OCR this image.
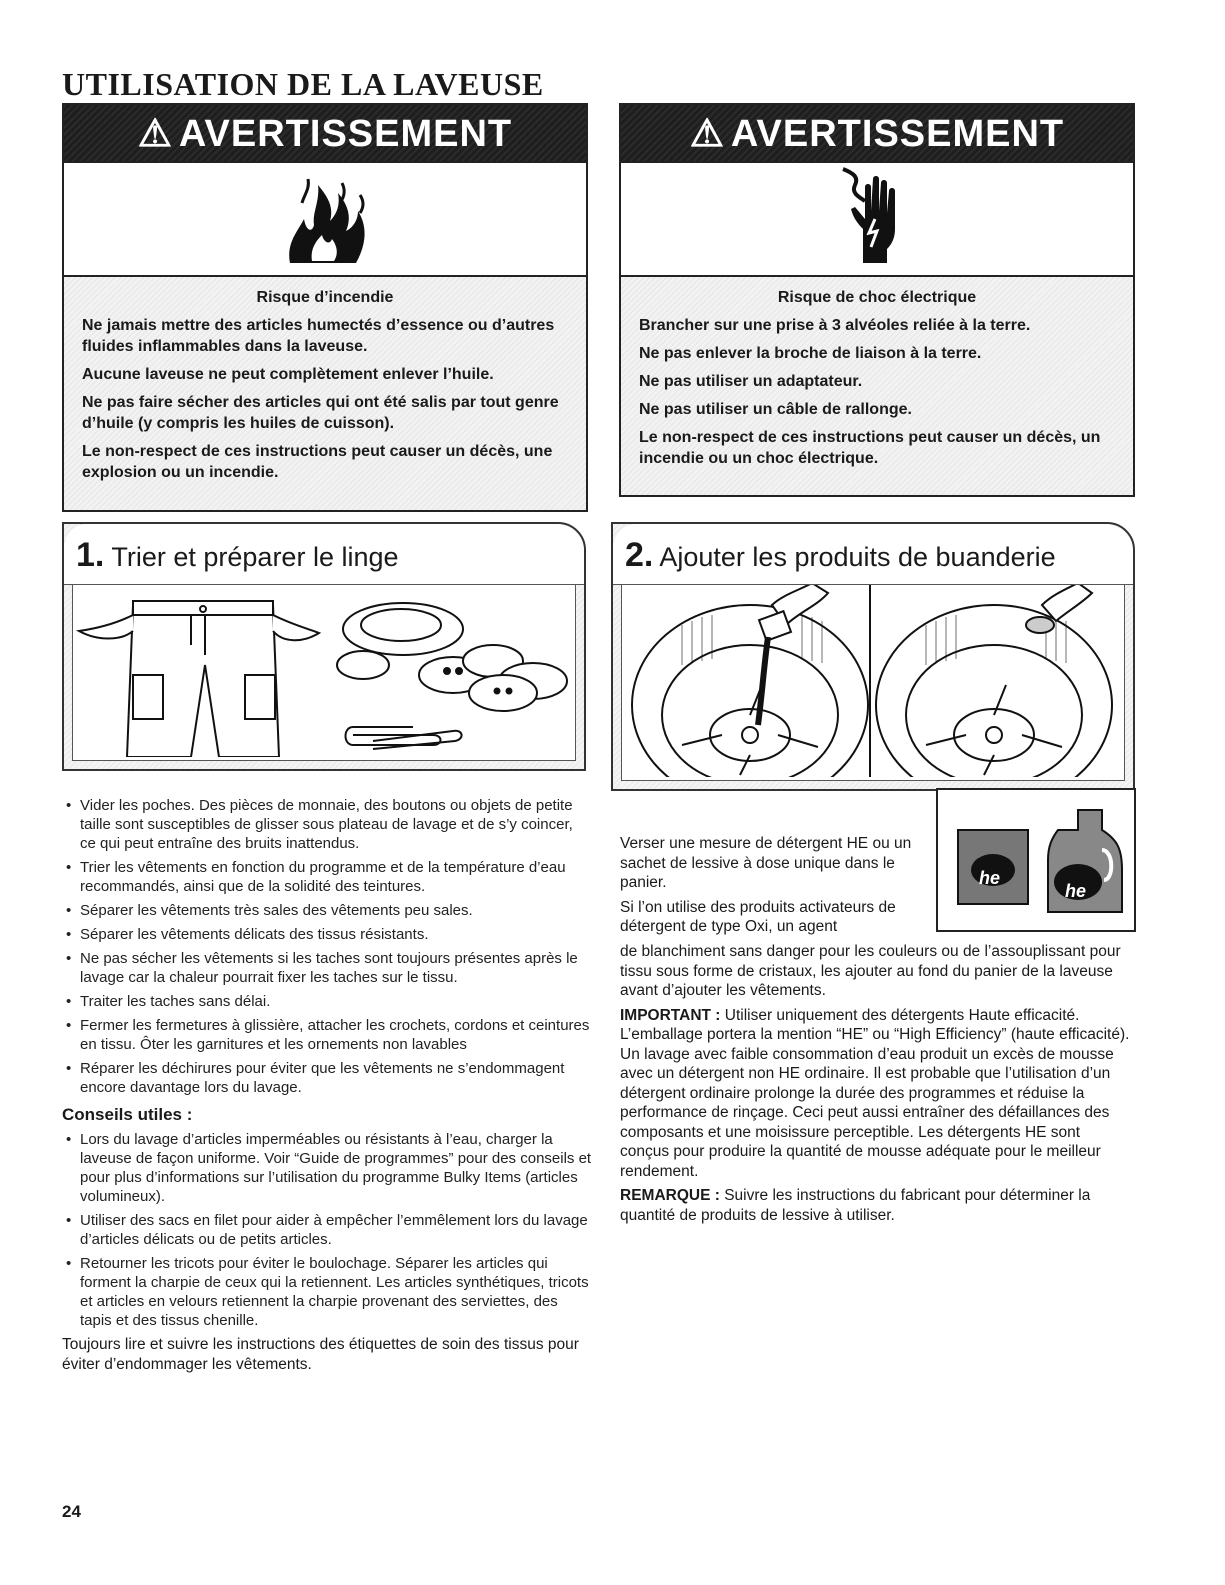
UTILISATION DE LA LAVEUSE
⚠ AVERTISSEMENT
Risque d’incendie

Ne jamais mettre des articles humectés d’essence ou d’autres fluides inflammables dans la laveuse.

Aucune laveuse ne peut complètement enlever l’huile.

Ne pas faire sécher des articles qui ont été salis par tout genre d’huile (y compris les huiles de cuisson).

Le non-respect de ces instructions peut causer un décès, une explosion ou un incendie.

⚠ AVERTISSEMENT
Risque de choc électrique

Brancher sur une prise à 3 alvéoles reliée à la terre.

Ne pas enlever la broche de liaison à la terre.

Ne pas utiliser un adaptateur.

Ne pas utiliser un câble de rallonge.

Le non-respect de ces instructions peut causer un décès, un incendie ou un choc électrique.

1. Trier et préparer le linge
• Vider les poches. Des pièces de monnaie, des boutons ou objets de petite taille sont susceptibles de glisser sous plateau de lavage et de s’y coincer, ce qui peut entraîne des bruits inattendus.
• Trier les vêtements en fonction du programme et de la température d’eau recommandés, ainsi que de la solidité des teintures.
• Séparer les vêtements très sales des vêtements peu sales.
• Séparer les vêtements délicats des tissus résistants.
• Ne pas sécher les vêtements si les taches sont toujours présentes après le lavage car la chaleur pourrait fixer les taches sur le tissu.
• Traiter les taches sans délai.
• Fermer les fermetures à glissière, attacher les crochets, cordons et ceintures en tissu. Ôter les garnitures et les ornements non lavables
• Réparer les déchirures pour éviter que les vêtements ne s’endommagent encore davantage lors du lavage.
Conseils utiles :
• Lors du lavage d’articles imperméables ou résistants à l’eau, charger la laveuse de façon uniforme. Voir “Guide de programmes” pour des conseils et pour plus d’informations sur l’utilisation du programme Bulky Items (articles volumineux).
• Utiliser des sacs en filet pour aider à empêcher l’emmêlement lors du lavage d’articles délicats ou de petits articles.
• Retourner les tricots pour éviter le boulochage. Séparer les articles qui forment la charpie de ceux qui la retiennent. Les articles synthétiques, tricots et articles en velours retiennent la charpie provenant des serviettes, des tapis et des tissus chenille.

Toujours lire et suivre les instructions des étiquettes de soin des tissus pour éviter d’endommager les vêtements.

2. Ajouter les produits de buanderie
he
he

Verser une mesure de détergent HE ou un sachet de lessive à dose unique dans le panier.

Si l’on utilise des produits activateurs de détergent de type Oxi, un agent

de blanchiment sans danger pour les couleurs ou de l’assouplissant pour tissu sous forme de cristaux, les ajouter au fond du panier de la laveuse avant d’ajouter les vêtements.

IMPORTANT : Utiliser uniquement des détergents Haute efficacité. L’emballage portera la mention “HE” ou “High Efficiency” (haute efficacité). Un lavage avec faible consommation d’eau produit un excès de mousse avec un détergent non HE ordinaire. Il est probable que l’utilisation d’un détergent ordinaire prolonge la durée des programmes et réduise la performance de rinçage. Ceci peut aussi entraîner des défaillances des composants et une moisissure perceptible. Les détergents HE sont conçus pour produire la quantité de mousse adéquate pour le meilleur rendement.

REMARQUE : Suivre les instructions du fabricant pour déterminer la quantité de produits de lessive à utiliser.

24
